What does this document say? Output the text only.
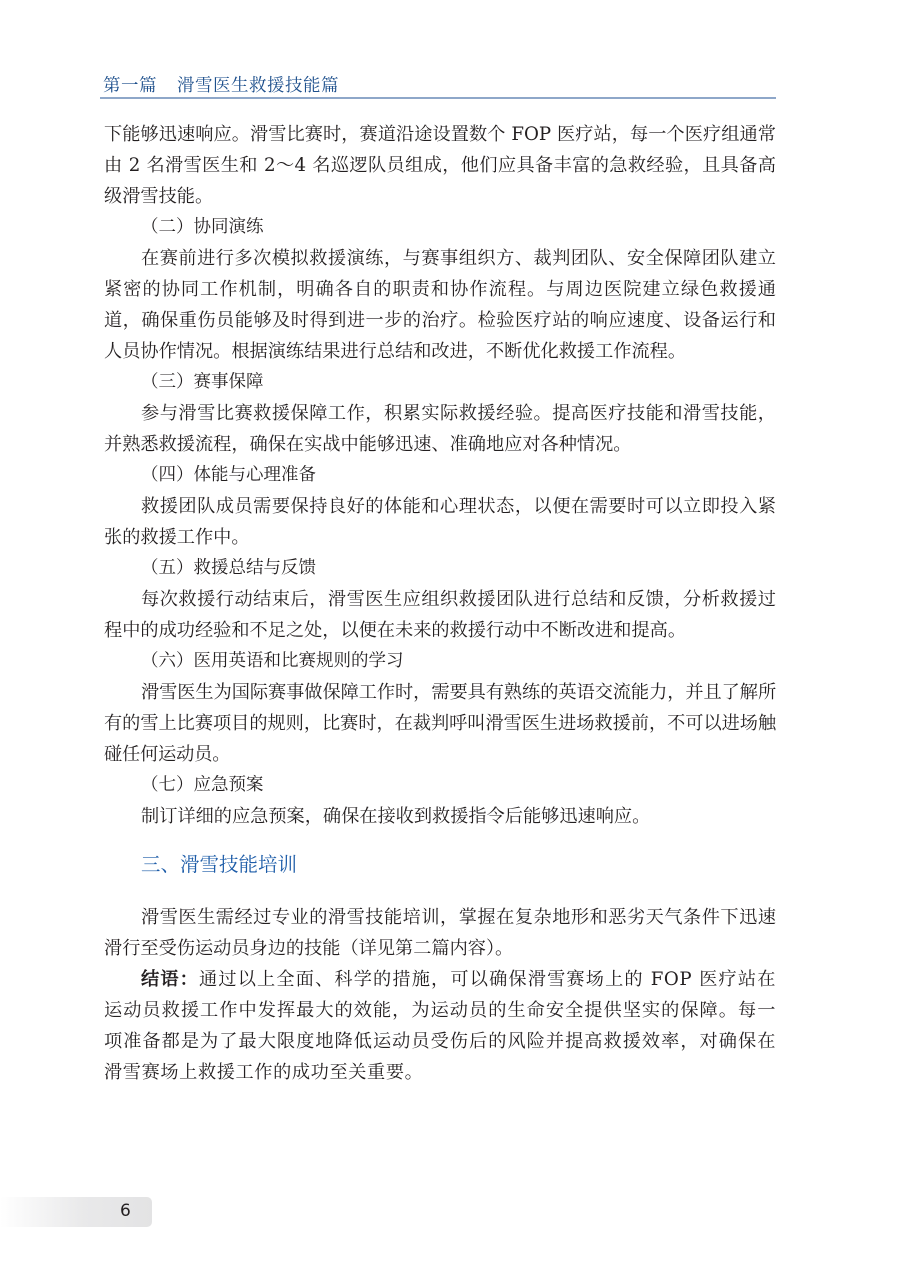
第一篇 滑雪医生救援技能篇

下能够迅速响应。滑雪比赛时，赛道沿途设置数个 FOP 医疗站，每一个医疗组通常由 2 名滑雪医生和 2～4 名巡逻队员组成，他们应具备丰富的急救经验，且具备高级滑雪技能。

（二）协同演练

在赛前进行多次模拟救援演练，与赛事组织方、裁判团队、安全保障团队建立紧密的协同工作机制，明确各自的职责和协作流程。与周边医院建立绿色救援通道，确保重伤员能够及时得到进一步的治疗。检验医疗站的响应速度、设备运行和人员协作情况。根据演练结果进行总结和改进，不断优化救援工作流程。

（三）赛事保障

参与滑雪比赛救援保障工作，积累实际救援经验。提高医疗技能和滑雪技能，并熟悉救援流程，确保在实战中能够迅速、准确地应对各种情况。

（四）体能与心理准备

救援团队成员需要保持良好的体能和心理状态，以便在需要时可以立即投入紧张的救援工作中。

（五）救援总结与反馈

每次救援行动结束后，滑雪医生应组织救援团队进行总结和反馈，分析救援过程中的成功经验和不足之处，以便在未来的救援行动中不断改进和提高。

（六）医用英语和比赛规则的学习

滑雪医生为国际赛事做保障工作时，需要具有熟练的英语交流能力，并且了解所有的雪上比赛项目的规则，比赛时，在裁判呼叫滑雪医生进场救援前，不可以进场触碰任何运动员。

（七）应急预案

制订详细的应急预案，确保在接收到救援指令后能够迅速响应。

三、滑雪技能培训

滑雪医生需经过专业的滑雪技能培训，掌握在复杂地形和恶劣天气条件下迅速滑行至受伤运动员身边的技能（详见第二篇内容）。

结语：通过以上全面、科学的措施，可以确保滑雪赛场上的 FOP 医疗站在运动员救援工作中发挥最大的效能，为运动员的生命安全提供坚实的保障。每一项准备都是为了最大限度地降低运动员受伤后的风险并提高救援效率，对确保在滑雪赛场上救援工作的成功至关重要。

6
